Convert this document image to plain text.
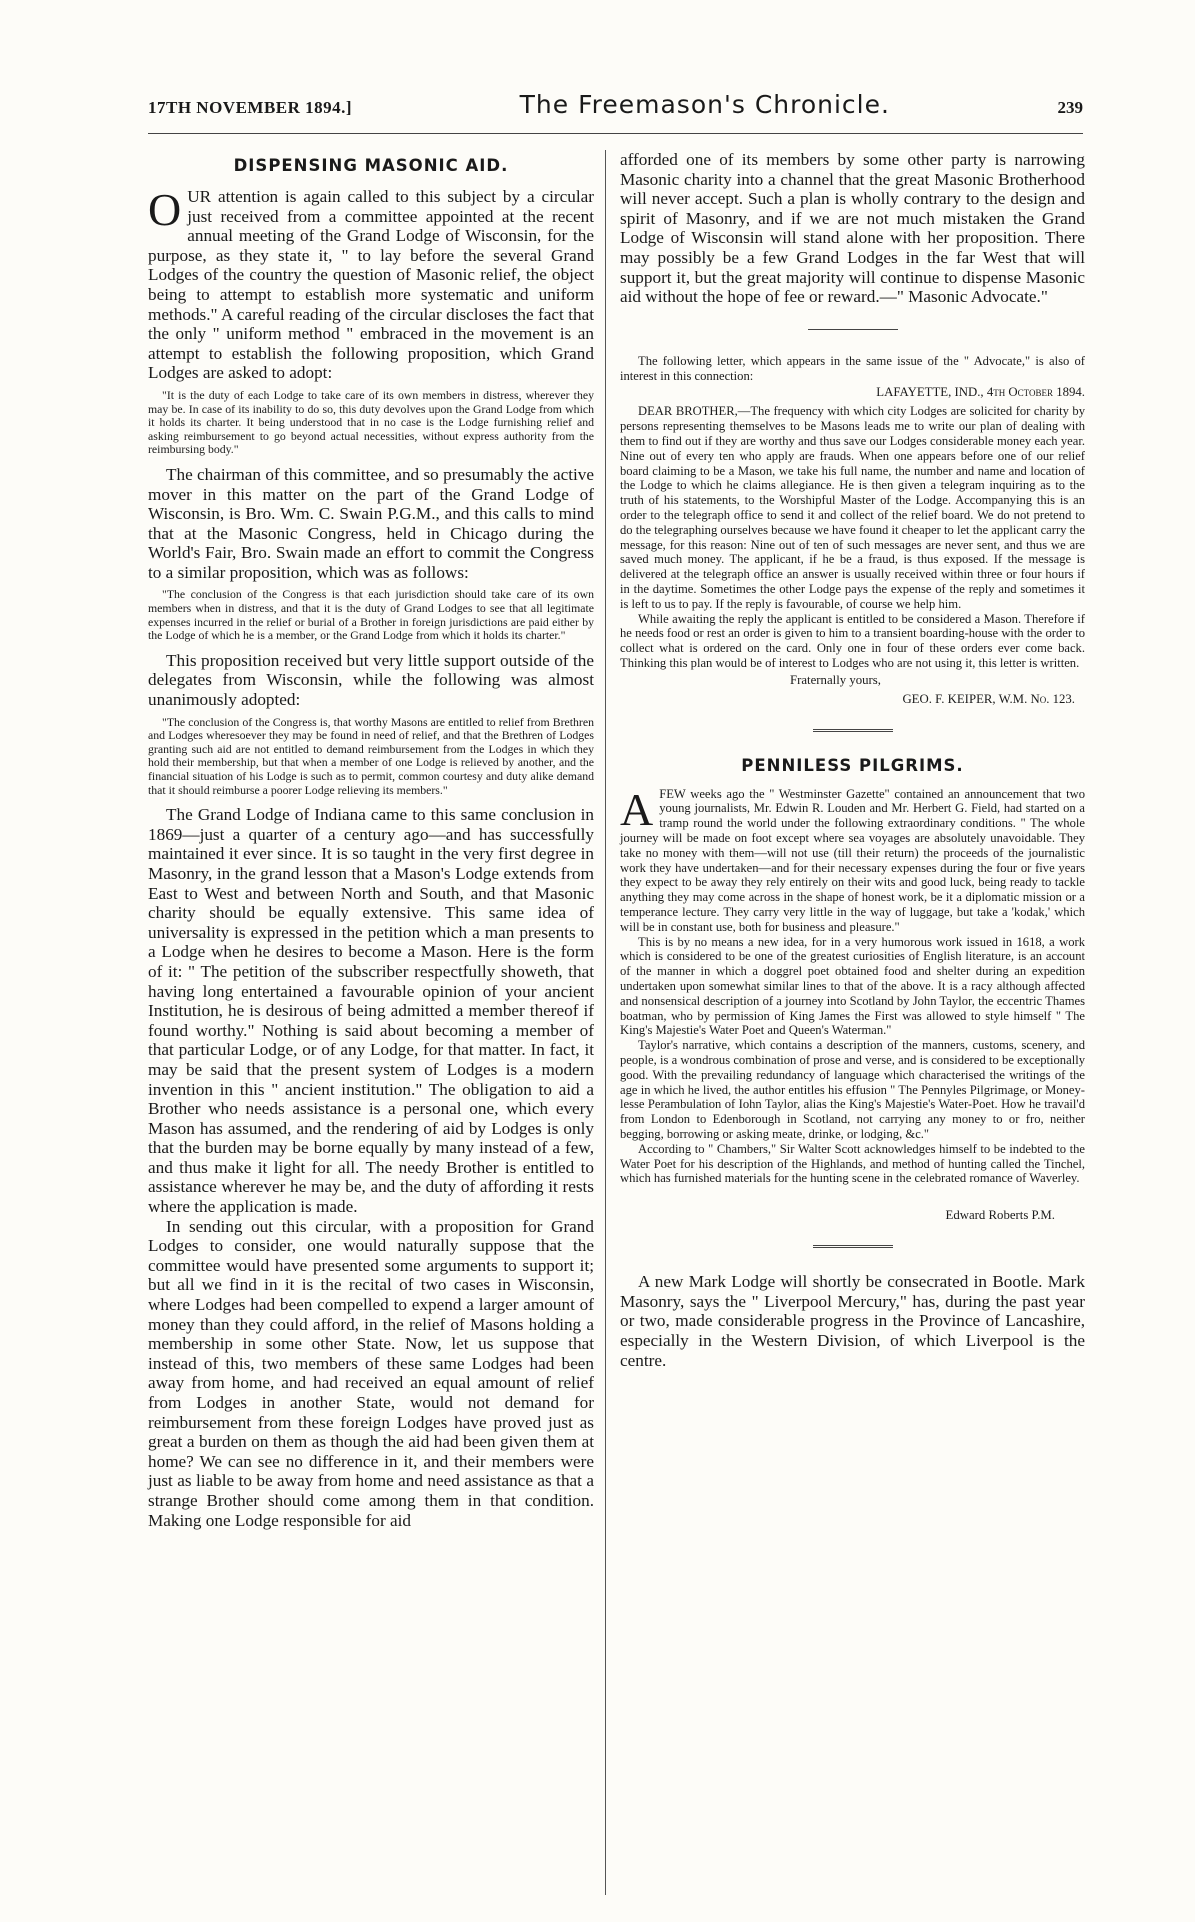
17TH NOVEMBER 1894.]	The Freemason's Chronicle.	239
DISPENSING MASONIC AID.

OUR attention is again called to this subject by a circular just received from a committee appointed at the recent annual meeting of the Grand Lodge of Wisconsin, for the purpose, as they state it, " to lay before the several Grand Lodges of the country the question of Masonic relief, the object being to attempt to establish more systematic and uniform methods." A careful reading of the circular discloses the fact that the only " uniform method " embraced in the movement is an attempt to establish the following proposition, which Grand Lodges are asked to adopt:

"It is the duty of each Lodge to take care of its own members in distress, wherever they may be. In case of its inability to do so, this duty devolves upon the Grand Lodge from which it holds its charter. It being understood that in no case is the Lodge furnishing relief and asking reimbursement to go beyond actual necessities, without express authority from the reimbursing body."

The chairman of this committee, and so presumably the active mover in this matter on the part of the Grand Lodge of Wisconsin, is Bro. Wm. C. Swain P.G.M., and this calls to mind that at the Masonic Congress, held in Chicago during the World's Fair, Bro. Swain made an effort to commit the Congress to a similar proposition, which was as follows:

"The conclusion of the Congress is that each jurisdiction should take care of its own members when in distress, and that it is the duty of Grand Lodges to see that all legitimate expenses incurred in the relief or burial of a Brother in foreign jurisdictions are paid either by the Lodge of which he is a member, or the Grand Lodge from which it holds its charter."

This proposition received but very little support outside of the delegates from Wisconsin, while the following was almost unanimously adopted:

"The conclusion of the Congress is, that worthy Masons are entitled to relief from Brethren and Lodges wheresoever they may be found in need of relief, and that the Brethren of Lodges granting such aid are not entitled to demand reimbursement from the Lodges in which they hold their membership, but that when a member of one Lodge is relieved by another, and the financial situation of his Lodge is such as to permit, common courtesy and duty alike demand that it should reimburse a poorer Lodge relieving its members."

The Grand Lodge of Indiana came to this same conclusion in 1869—just a quarter of a century ago—and has successfully maintained it ever since. It is so taught in the very first degree in Masonry, in the grand lesson that a Mason's Lodge extends from East to West and between North and South, and that Masonic charity should be equally extensive. This same idea of universality is expressed in the petition which a man presents to a Lodge when he desires to become a Mason. Here is the form of it: " The petition of the subscriber respectfully showeth, that having long entertained a favourable opinion of your ancient Institution, he is desirous of being admitted a member thereof if found worthy." Nothing is said about becoming a member of that particular Lodge, or of any Lodge, for that matter. In fact, it may be said that the present system of Lodges is a modern invention in this " ancient institution." The obligation to aid a Brother who needs assistance is a personal one, which every Mason has assumed, and the rendering of aid by Lodges is only that the burden may be borne equally by many instead of a few, and thus make it light for all. The needy Brother is entitled to assistance wherever he may be, and the duty of affording it rests where the application is made.

In sending out this circular, with a proposition for Grand Lodges to consider, one would naturally suppose that the committee would have presented some arguments to support it; but all we find in it is the recital of two cases in Wisconsin, where Lodges had been compelled to expend a larger amount of money than they could afford, in the relief of Masons holding a membership in some other State. Now, let us suppose that instead of this, two members of these same Lodges had been away from home, and had received an equal amount of relief from Lodges in another State, would not demand for reimbursement from these foreign Lodges have proved just as great a burden on them as though the aid had been given them at home? We can see no difference in it, and their members were just as liable to be away from home and need assistance as that a strange Brother should come among them in that condition. Making one Lodge responsible for aid

afforded one of its members by some other party is narrowing Masonic charity into a channel that the great Masonic Brotherhood will never accept. Such a plan is wholly contrary to the design and spirit of Masonry, and if we are not much mistaken the Grand Lodge of Wisconsin will stand alone with her proposition. There may possibly be a few Grand Lodges in the far West that will support it, but the great majority will continue to dispense Masonic aid without the hope of fee or reward.—" Masonic Advocate."

The following letter, which appears in the same issue of the " Advocate," is also of interest in this connection:

LAFAYETTE, IND., 4th October 1894.

DEAR BROTHER,—The frequency with which city Lodges are solicited for charity by persons representing themselves to be Masons leads me to write our plan of dealing with them to find out if they are worthy and thus save our Lodges considerable money each year. Nine out of every ten who apply are frauds. When one appears before one of our relief board claiming to be a Mason, we take his full name, the number and name and location of the Lodge to which he claims allegiance. He is then given a telegram inquiring as to the truth of his statements, to the Worshipful Master of the Lodge. Accompanying this is an order to the telegraph office to send it and collect of the relief board. We do not pretend to do the telegraphing ourselves because we have found it cheaper to let the applicant carry the message, for this reason: Nine out of ten of such messages are never sent, and thus we are saved much money. The applicant, if he be a fraud, is thus exposed. If the message is delivered at the telegraph office an answer is usually received within three or four hours if in the daytime. Sometimes the other Lodge pays the expense of the reply and sometimes it is left to us to pay. If the reply is favourable, of course we help him.

While awaiting the reply the applicant is entitled to be considered a Mason. Therefore if he needs food or rest an order is given to him to a transient boarding-house with the order to collect what is ordered on the card. Only one in four of these orders ever come back. Thinking this plan would be of interest to Lodges who are not using it, this letter is written.

Fraternally yours,
GEO. F. KEIPER, W.M. No. 123.
PENNILESS PILGRIMS.

AFEW weeks ago the " Westminster Gazette" contained an announcement that two young journalists, Mr. Edwin R. Louden and Mr. Herbert G. Field, had started on a tramp round the world under the following extraordinary conditions. " The whole journey will be made on foot except where sea voyages are absolutely unavoidable. They take no money with them—will not use (till their return) the proceeds of the journalistic work they have undertaken—and for their necessary expenses during the four or five years they expect to be away they rely entirely on their wits and good luck, being ready to tackle anything they may come across in the shape of honest work, be it a diplomatic mission or a temperance lecture. They carry very little in the way of luggage, but take a 'kodak,' which will be in constant use, both for business and pleasure."

This is by no means a new idea, for in a very humorous work issued in 1618, a work which is considered to be one of the greatest curiosities of English literature, is an account of the manner in which a doggrel poet obtained food and shelter during an expedition undertaken upon somewhat similar lines to that of the above. It is a racy although affected and nonsensical description of a journey into Scotland by John Taylor, the eccentric Thames boatman, who by permission of King James the First was allowed to style himself " The King's Majestie's Water Poet and Queen's Waterman."

Taylor's narrative, which contains a description of the manners, customs, scenery, and people, is a wondrous combination of prose and verse, and is considered to be exceptionally good. With the prevailing redundancy of language which characterised the writings of the age in which he lived, the author entitles his effusion " The Pennyles Pilgrimage, or Money-lesse Perambulation of Iohn Taylor, alias the King's Majestie's Water-Poet. How he travail'd from London to Edenborough in Scotland, not carrying any money to or fro, neither begging, borrowing or asking meate, drinke, or lodging, &c."

According to " Chambers," Sir Walter Scott acknowledges himself to be indebted to the Water Poet for his description of the Highlands, and method of hunting called the Tinchel, which has furnished materials for the hunting scene in the celebrated romance of Waverley.

Edward Roberts P.M.

A new Mark Lodge will shortly be consecrated in Bootle. Mark Masonry, says the " Liverpool Mercury," has, during the past year or two, made considerable progress in the Province of Lancashire, especially in the Western Division, of which Liverpool is the centre.
